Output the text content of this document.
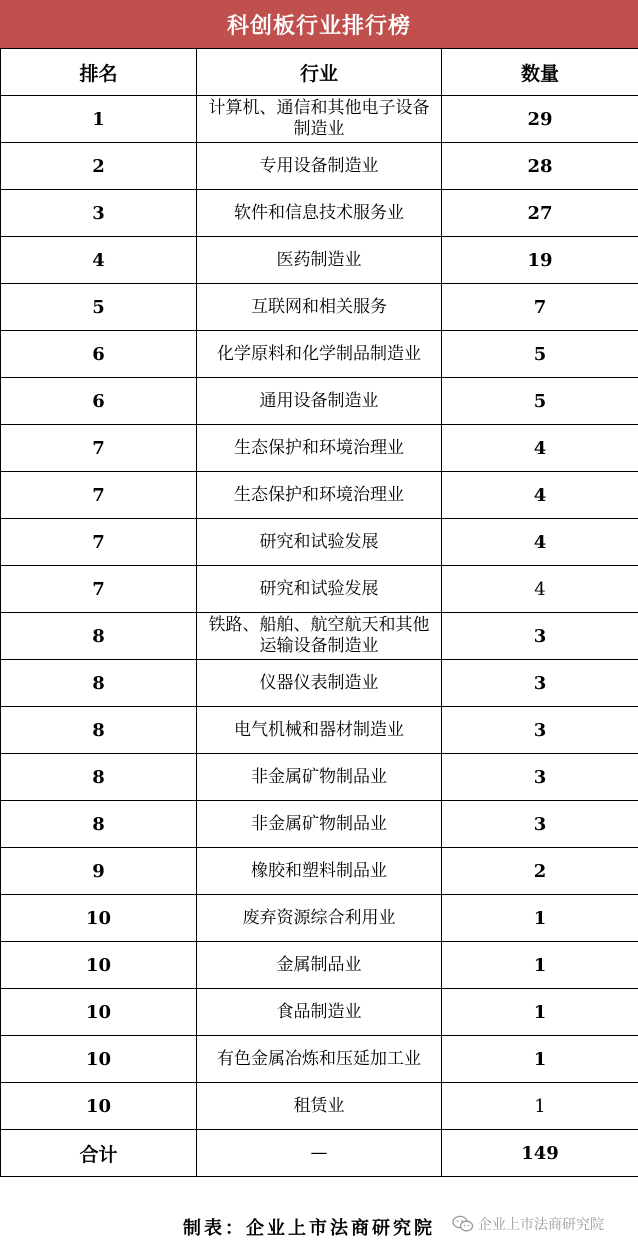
科创板行业排行榜
排名	行业	数量
1	计算机、通信和其他电子设备制造业	29
2	专用设备制造业	28
3	软件和信息技术服务业	27
4	医药制造业	19
5	互联网和相关服务	7
6	化学原料和化学制品制造业	5
6	通用设备制造业	5
7	生态保护和环境治理业	4
7	生态保护和环境治理业	4
7	研究和试验发展	4
7	研究和试验发展	4
8	铁路、船舶、航空航天和其他运输设备制造业	3
8	仪器仪表制造业	3
8	电气机械和器材制造业	3
8	非金属矿物制品业	3
8	非金属矿物制品业	3
9	橡胶和塑料制品业	2
10	废弃资源综合利用业	1
10	金属制品业	1
10	食品制造业	1
10	有色金属冶炼和压延加工业	1
10	租赁业	1
合计	—	149
制表：企业上市法商研究院	企业上市法商研究院
